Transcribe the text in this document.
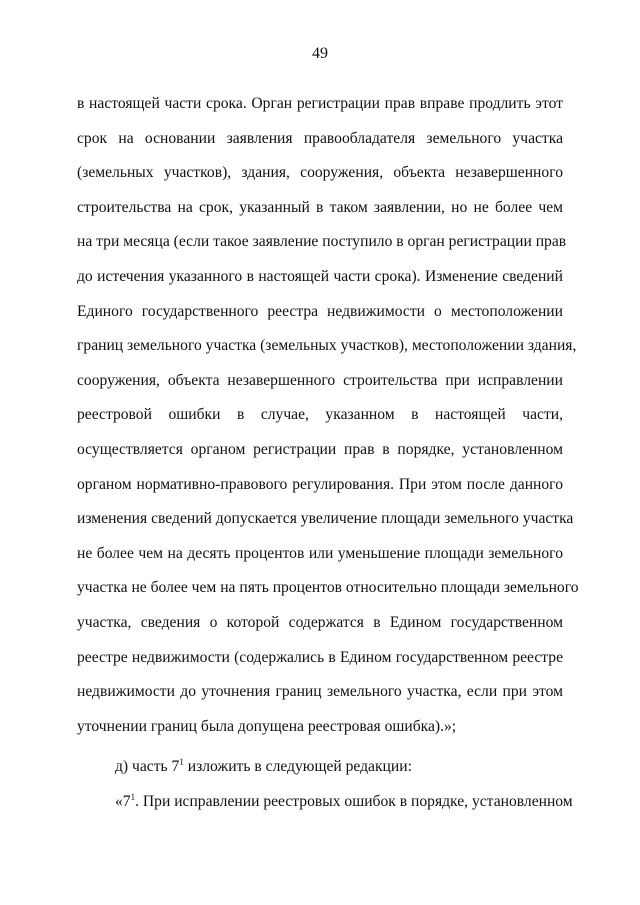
49
в настоящей части срока. Орган регистрации прав вправе продлить этот
срок на основании заявления правообладателя земельного участка
(земельных участков), здания, сооружения, объекта незавершенного
строительства на срок, указанный в таком заявлении, но не более чем
на три месяца (если такое заявление поступило в орган регистрации прав
до истечения указанного в настоящей части срока). Изменение сведений
Единого государственного реестра недвижимости о местоположении
границ земельного участка (земельных участков), местоположении здания,
сооружения, объекта незавершенного строительства при исправлении
реестровой ошибки в случае, указанном в настоящей части,
осуществляется органом регистрации прав в порядке, установленном
органом нормативно-правового регулирования. При этом после данного
изменения сведений допускается увеличение площади земельного участка
не более чем на десять процентов или уменьшение площади земельного
участка не более чем на пять процентов относительно площади земельного
участка, сведения о которой содержатся в Едином государственном
реестре недвижимости (содержались в Едином государственном реестре
недвижимости до уточнения границ земельного участка, если при этом
уточнении границ была допущена реестровая ошибка).»;
д) часть $7^1$ изложить в следующей редакции:
«$7^1$. При исправлении реестровых ошибок в порядке, установленном
